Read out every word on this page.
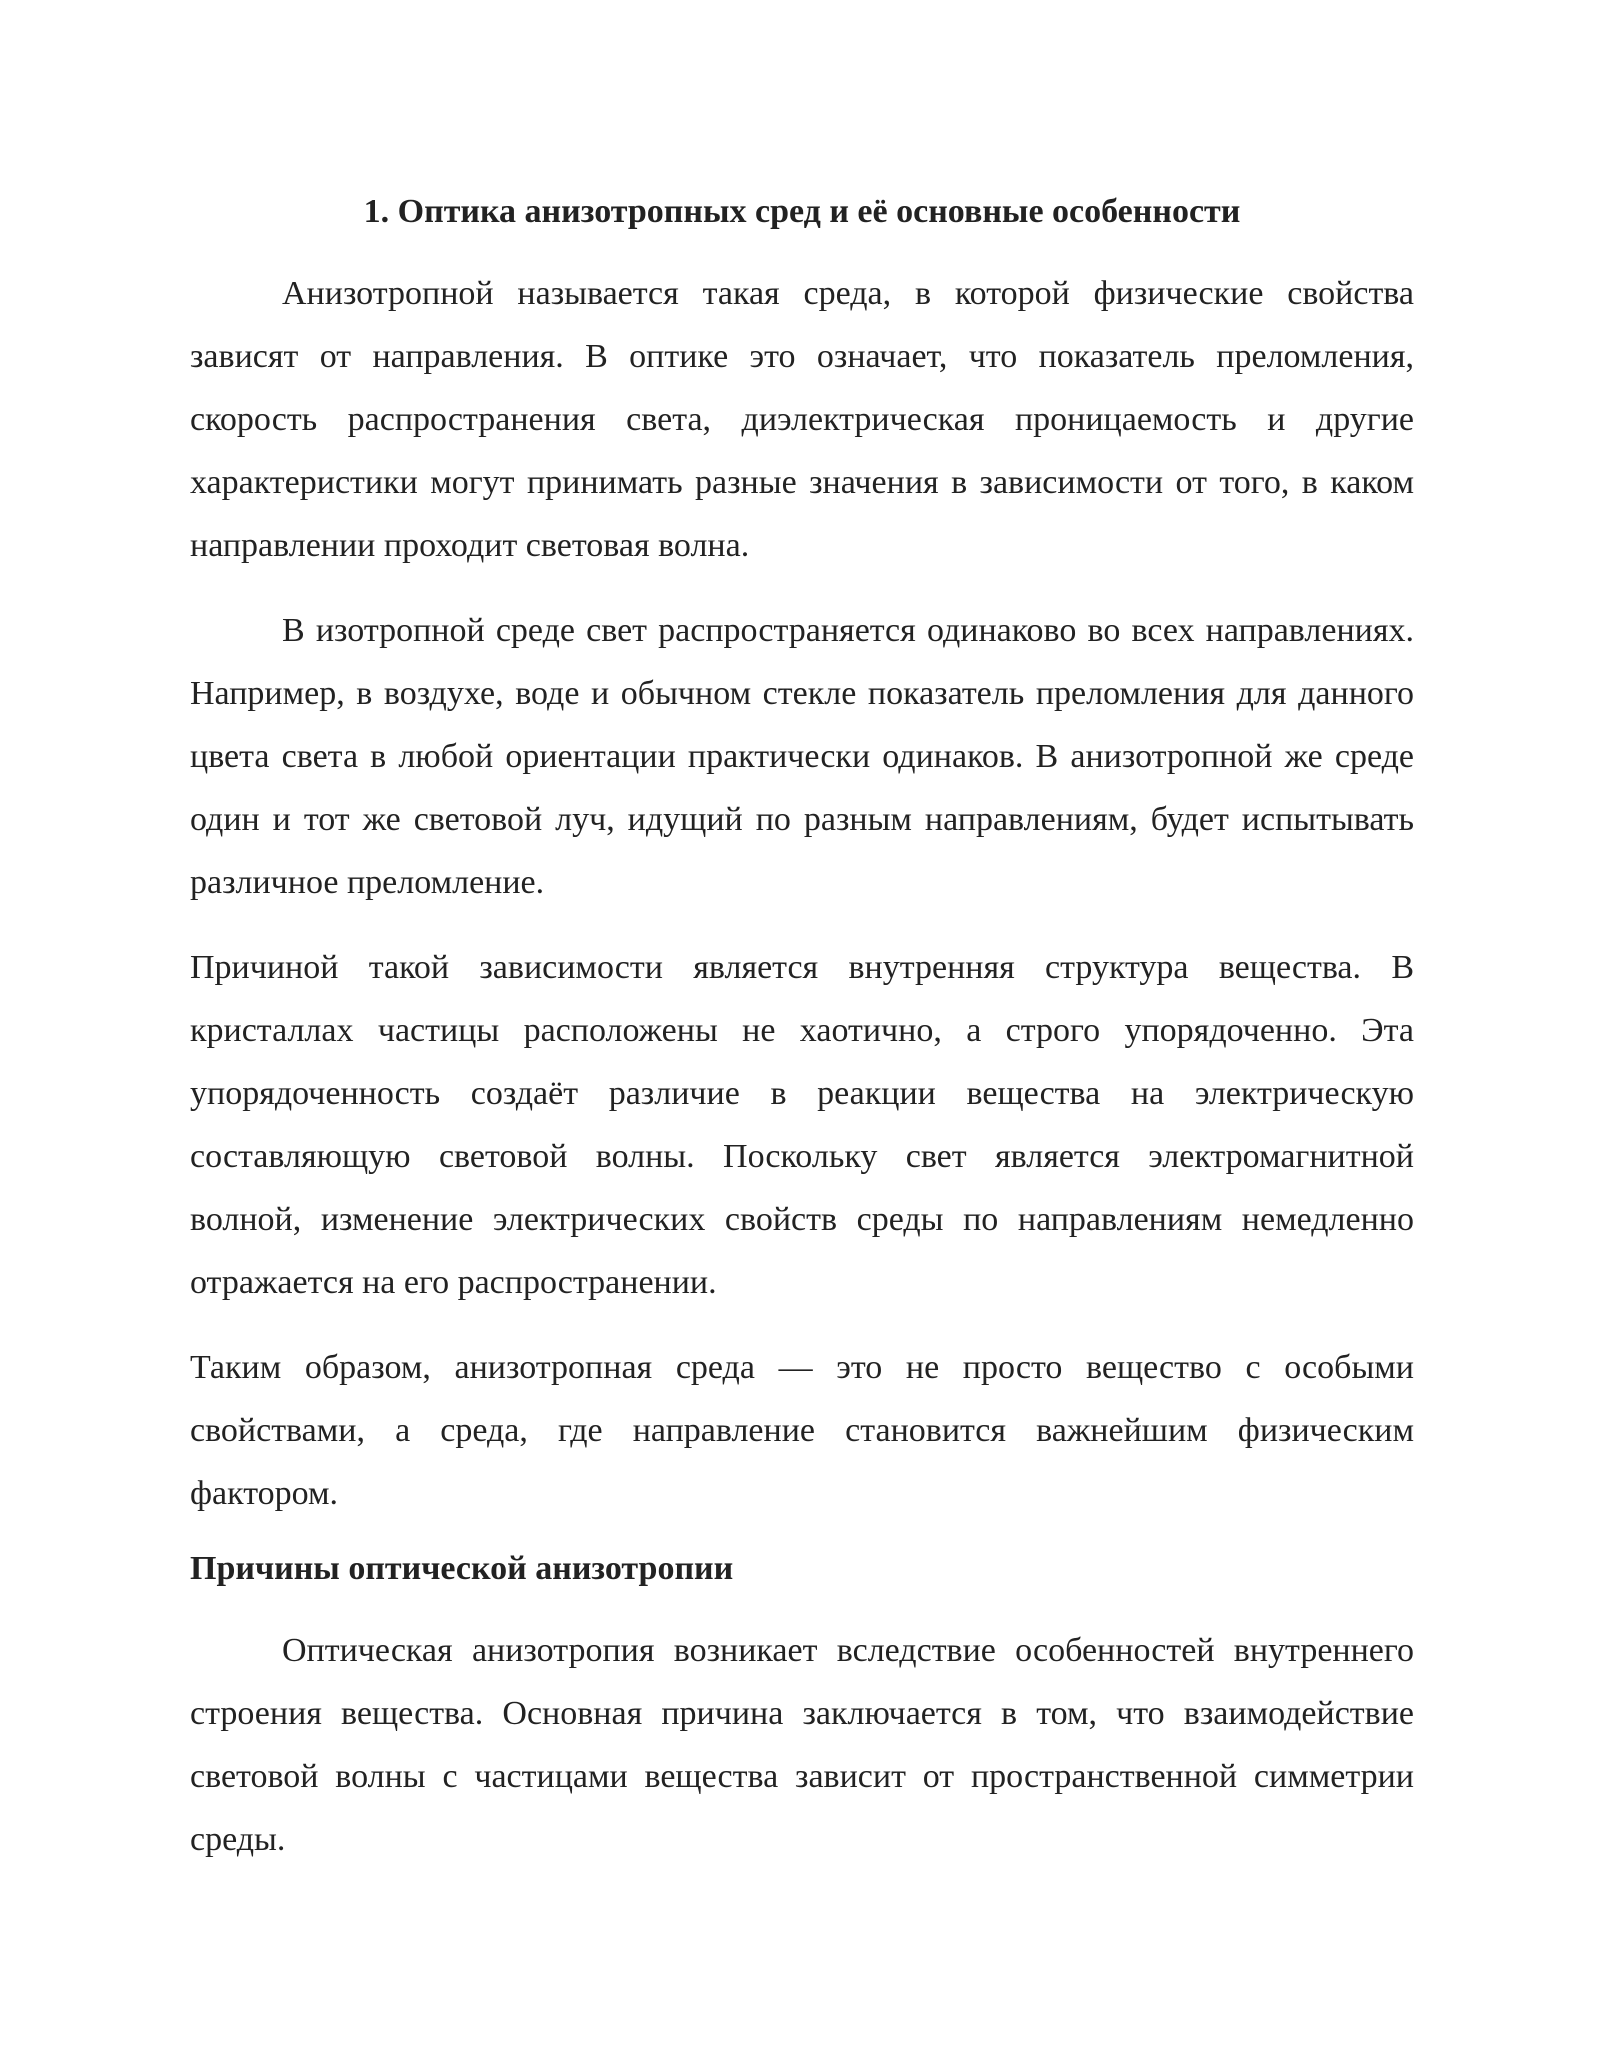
1. Оптика анизотропных сред и её основные особенности

Анизотропной называется такая среда, в которой физические свойства зависят от направления. В оптике это означает, что показатель преломления, скорость распространения света, диэлектрическая проницаемость и другие характеристики могут принимать разные значения в зависимости от того, в каком направлении проходит световая волна.

В изотропной среде свет распространяется одинаково во всех направлениях. Например, в воздухе, воде и обычном стекле показатель преломления для данного цвета света в любой ориентации практически одинаков. В анизотропной же среде один и тот же световой луч, идущий по разным направлениям, будет испытывать различное преломление.

Причиной такой зависимости является внутренняя структура вещества. В кристаллах частицы расположены не хаотично, а строго упорядоченно. Эта упорядоченность создаёт различие в реакции вещества на электрическую составляющую световой волны. Поскольку свет является электромагнитной волной, изменение электрических свойств среды по направлениям немедленно отражается на его распространении.

Таким образом, анизотропная среда — это не просто вещество с особыми свойствами, а среда, где направление становится важнейшим физическим фактором.

Причины оптической анизотропии

Оптическая анизотропия возникает вследствие особенностей внутреннего строения вещества. Основная причина заключается в том, что взаимодействие световой волны с частицами вещества зависит от пространственной симметрии среды.
